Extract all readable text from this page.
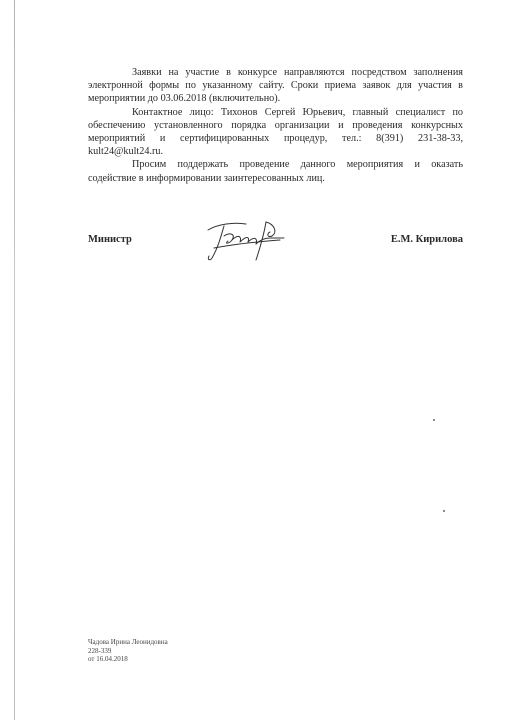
Заявки на участие в конкурсе направляются посредством заполнения
электронной формы по указанному сайту. Сроки приема заявок для участия в
мероприятии до 03.06.2018 (включительно).

Контактное лицо: Тихонов Сергей Юрьевич, главный специалист по
обеспечению установленного порядка организации и проведения конкурсных
мероприятий и сертифицированных процедур, тел.: 8(391) 231-38-33,
kult24@kult24.ru.

Просим поддержать проведение данного мероприятия и оказать
содействие в информировании заинтересованных лиц.

Министр	Е.М. Кирилова
Чадова Ирина Леонидовна
228-339
от 16.04.2018
